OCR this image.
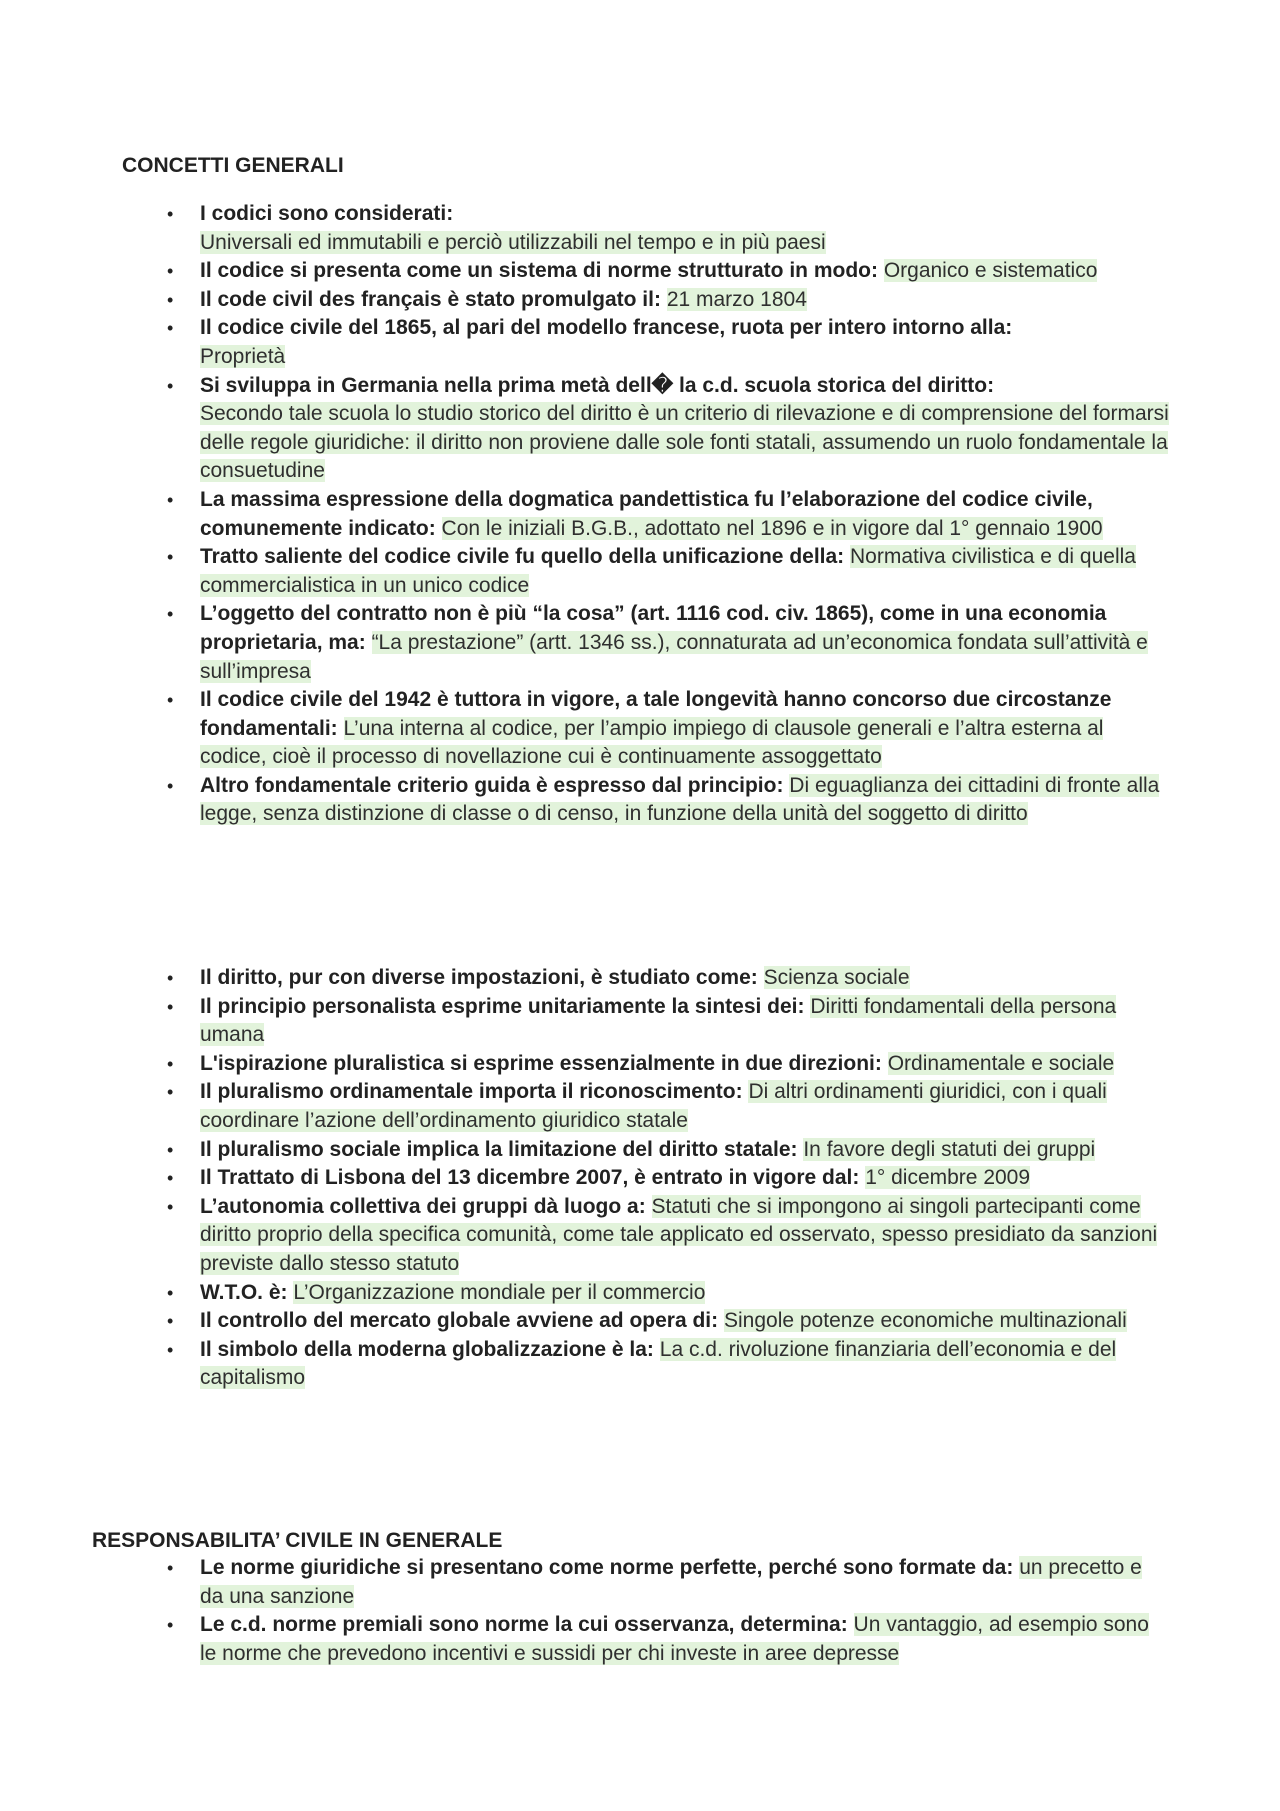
CONCETTI GENERALI
• I codici sono considerati:
Universali ed immutabili e perciò utilizzabili nel tempo e in più paesi
• Il codice si presenta come un sistema di norme strutturato in modo: Organico e sistematico
• Il code civil des français è stato promulgato il: 21 marzo 1804
• Il codice civile del 1865, al pari del modello francese, ruota per intero intorno alla:
Proprietà
• Si sviluppa in Germania nella prima metà dell� la c.d. scuola storica del diritto:
Secondo tale scuola lo studio storico del diritto è un criterio di rilevazione e di comprensione del formarsi delle regole giuridiche: il diritto non proviene dalle sole fonti statali, assumendo un ruolo fondamentale la consuetudine
• La massima espressione della dogmatica pandettistica fu l’elaborazione del codice civile, comunemente indicato: Con le iniziali B.G.B., adottato nel 1896 e in vigore dal 1° gennaio 1900
• Tratto saliente del codice civile fu quello della unificazione della: Normativa civilistica e di quella commercialistica in un unico codice
• L’oggetto del contratto non è più “la cosa” (art. 1116 cod. civ. 1865), come in una economia proprietaria, ma: “La prestazione” (artt. 1346 ss.), connaturata ad un’economica fondata sull’attività e sull’impresa
• Il codice civile del 1942 è tuttora in vigore, a tale longevità hanno concorso due circostanze fondamentali: L’una interna al codice, per l’ampio impiego di clausole generali e l’altra esterna al codice, cioè il processo di novellazione cui è continuamente assoggettato
• Altro fondamentale criterio guida è espresso dal principio: Di eguaglianza dei cittadini di fronte alla legge, senza distinzione di classe o di censo, in funzione della unità del soggetto di diritto
• Il diritto, pur con diverse impostazioni, è studiato come: Scienza sociale
• Il principio personalista esprime unitariamente la sintesi dei: Diritti fondamentali della persona umana
• L'ispirazione pluralistica si esprime essenzialmente in due direzioni: Ordinamentale e sociale
• Il pluralismo ordinamentale importa il riconoscimento: Di altri ordinamenti giuridici, con i quali coordinare l’azione dell’ordinamento giuridico statale
• Il pluralismo sociale implica la limitazione del diritto statale: In favore degli statuti dei gruppi
• Il Trattato di Lisbona del 13 dicembre 2007, è entrato in vigore dal: 1° dicembre 2009
• L’autonomia collettiva dei gruppi dà luogo a: Statuti che si impongono ai singoli partecipanti come diritto proprio della specifica comunità, come tale applicato ed osservato, spesso presidiato da sanzioni previste dallo stesso statuto
• W.T.O. è: L’Organizzazione mondiale per il commercio
• Il controllo del mercato globale avviene ad opera di: Singole potenze economiche multinazionali
• Il simbolo della moderna globalizzazione è la: La c.d. rivoluzione finanziaria dell’economia e del capitalismo
RESPONSABILITA’ CIVILE IN GENERALE
• Le norme giuridiche si presentano come norme perfette, perché sono formate da: un precetto e da una sanzione
• Le c.d. norme premiali sono norme la cui osservanza, determina: Un vantaggio, ad esempio sono le norme che prevedono incentivi e sussidi per chi investe in aree depresse
